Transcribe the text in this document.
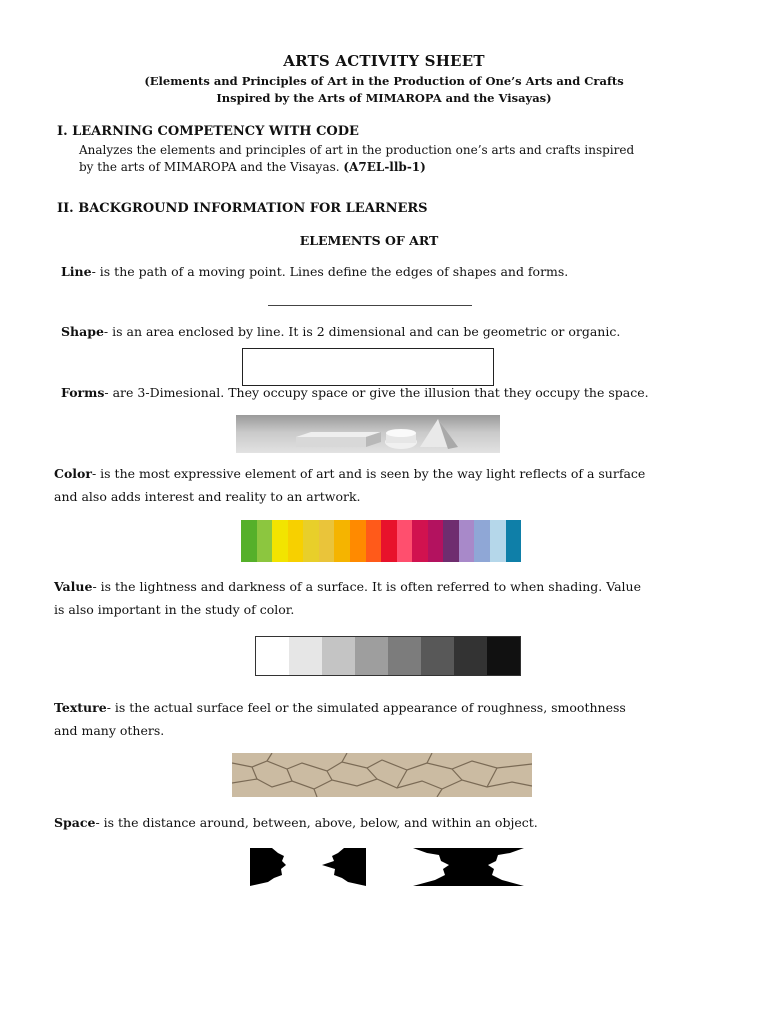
ARTS ACTIVITY SHEET
(Elements and Principles of Art in the Production of One’s Arts and Crafts
Inspired by the Arts of MIMAROPA and the Visayas)
I. LEARNING COMPETENCY WITH CODE
Analyzes the elements and principles of art in the production one’s arts and crafts inspired
by the arts of MIMAROPA and the Visayas. (A7EL-llb-1)
II. BACKGROUND INFORMATION FOR LEARNERS
ELEMENTS OF ART
Line- is the path of a moving point. Lines define the edges of shapes and forms.
Shape- is an area enclosed by line. It is 2 dimensional and can be geometric or organic.
Forms- are 3-Dimesional. They occupy space or give the illusion that they occupy the space.
Color- is the most expressive element of art and is seen by the way light reflects of a surface
and also adds interest and reality to an artwork.
Value- is the lightness and darkness of a surface. It is often referred to when shading. Value
is also important in the study of color.
Texture- is the actual surface feel or the simulated appearance of roughness, smoothness
and many others.
Space- is the distance around, between, above, below, and within an object.
